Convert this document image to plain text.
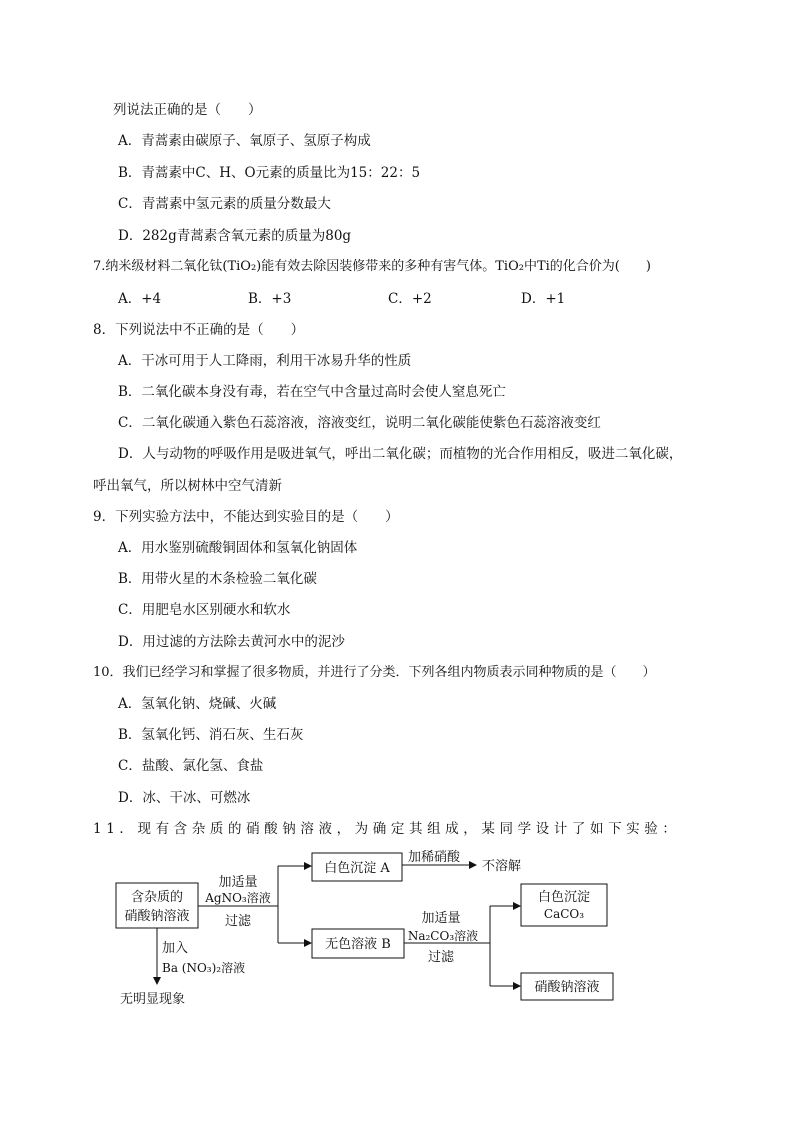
列说法正确的是（　　）
A．青蒿素由碳原子、氧原子、氢原子构成
B．青蒿素中C、H、O元素的质量比为15：22：5
C．青蒿素中氢元素的质量分数最大
D．282g青蒿素含氧元素的质量为80g
7.纳米级材料二氧化钛(TiO₂)能有效去除因装修带来的多种有害气体。TiO₂中Ti的化合价为(　　)
A．+4	B．+3	C．+2	D．+1
8．下列说法中不正确的是（　　）
A．干冰可用于人工降雨，利用干冰易升华的性质
B．二氧化碳本身没有毒，若在空气中含量过高时会使人窒息死亡
C．二氧化碳通入紫色石蕊溶液，溶液变红，说明二氧化碳能使紫色石蕊溶液变红
D．人与动物的呼吸作用是吸进氧气，呼出二氧化碳；而植物的光合作用相反，吸进二氧化碳，
呼出氧气，所以树林中空气清新
9．下列实验方法中，不能达到实验目的是（　　）
A．用水鉴别硫酸铜固体和氢氧化钠固体
B．用带火星的木条检验二氧化碳
C．用肥皂水区别硬水和软水
D．用过滤的方法除去黄河水中的泥沙
10．我们已经学习和掌握了很多物质，并进行了分类．下列各组内物质表示同种物质的是（　　）
A．氢氧化钠、烧碱、火碱
B．氢氧化钙、消石灰、生石灰
C．盐酸、氯化氢、食盐
D．冰、干冰、可燃冰
11．现有含杂质的硝酸钠溶液，为确定其组成，某同学设计了如下实验：
含杂质的
硝酸钠溶液
加适量
AgNO₃溶液
过滤
白色沉淀 A
加稀硝酸
不溶解
无色溶液 B
加适量
Na₂CO₃溶液
过滤
白色沉淀
CaCO₃
硝酸钠溶液
加入
Ba (NO₃)₂溶液
无明显现象
